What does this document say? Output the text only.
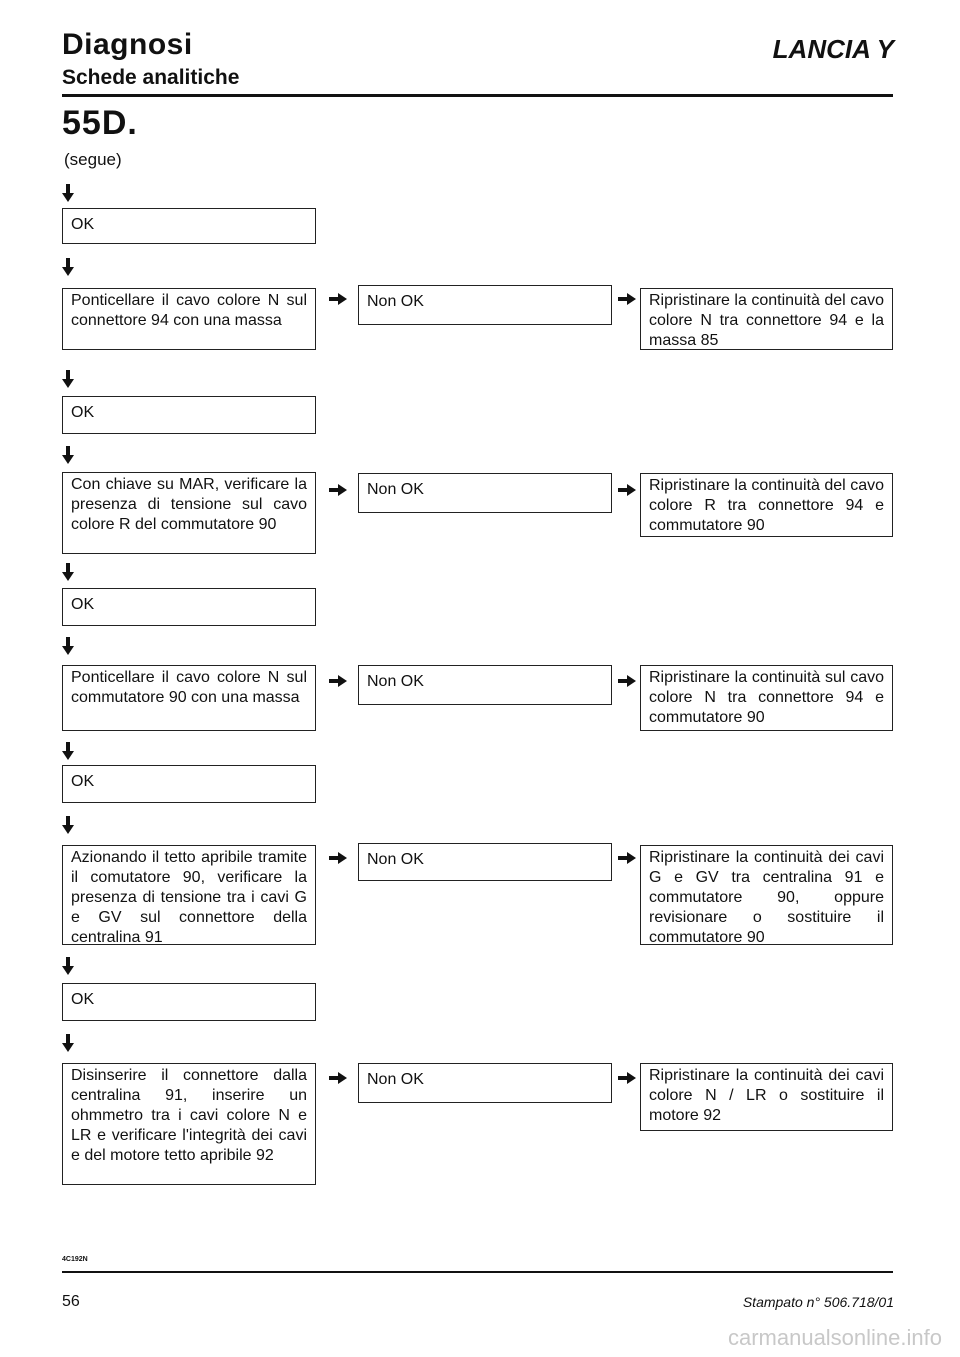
Diagnosi
Schede analitiche
LANCIA Y
55D.
(segue)
OK
OK
OK
OK
OK
Ponticellare il cavo colore N sul connettore 94 con una massa
Non OK	Ripristinare la continuità del cavo colore N tra connettore 94 e la massa 85
Con chiave su MAR, verificare la presenza di tensione sul cavo colore R del commutatore 90
Non OK	Ripristinare la continuità del cavo colore R tra connettore 94 e commutatore 90
Ponticellare il cavo colore N sul commutatore 90 con una massa
Non OK	Ripristinare la continuità sul cavo colore N tra connettore 94 e commutatore 90
Azionando il tetto apribile tramite il comutatore 90, verificare la presenza di tensione tra i cavi G e GV sul connettore della centralina 91
Non OK	Ripristinare la continuità dei cavi G e GV tra centralina 91 e commutatore 90, oppure revisionare o sostituire il commutatore 90
Disinserire il connettore dalla centralina 91, inserire un ohmmetro tra i cavi colore N e LR e verificare l'integrità dei cavi e del motore tetto apribile 92
Non OK	Ripristinare la continuità dei cavi colore N / LR o sostituire il motore 92
4C192N
56	Stampato n° 506.718/01
carmanualsonline.info
